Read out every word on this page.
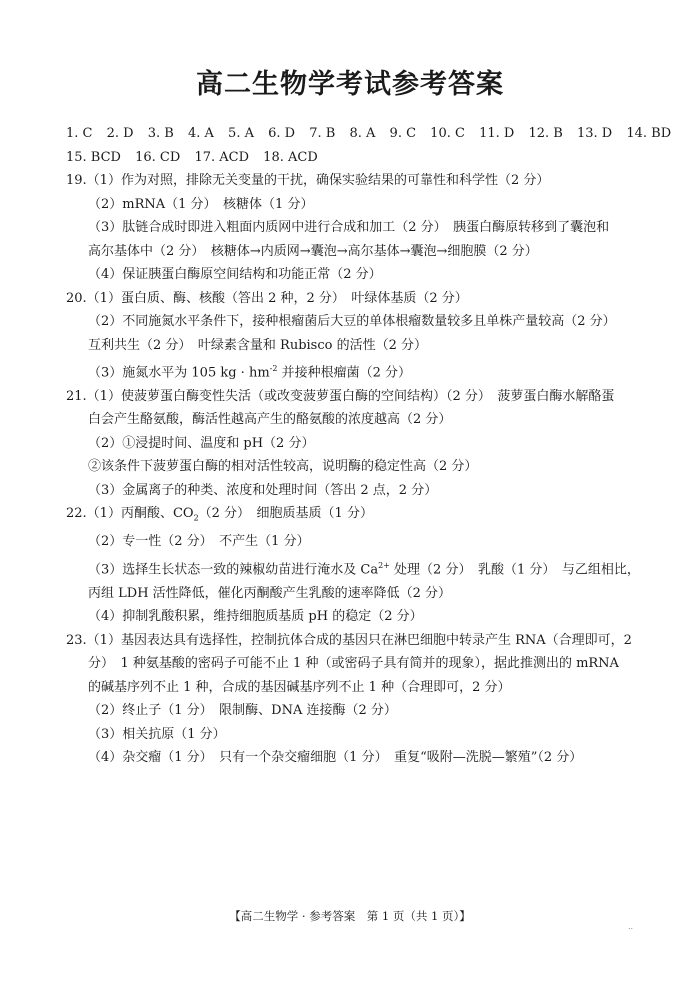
高二生物学考试参考答案
1. C 2. D 3. B 4. A 5. A 6. D 7. B 8. A 9. C 10. C 11. D 12. B 13. D 14. BD
15. BCD 16. CD 17. ACD 18. ACD
19.（1）作为对照，排除无关变量的干扰，确保实验结果的可靠性和科学性（2 分）
（2）mRNA（1 分）　核糖体（1 分）
（3）肽链合成时即进入粗面内质网中进行合成和加工（2 分）　胰蛋白酶原转移到了囊泡和
高尔基体中（2 分）　核糖体→内质网→囊泡→高尔基体→囊泡→细胞膜（2 分）
（4）保证胰蛋白酶原空间结构和功能正常（2 分）
20.（1）蛋白质、酶、核酸（答出 2 种，2 分）　叶绿体基质（2 分）
（2）不同施氮水平条件下，接种根瘤菌后大豆的单体根瘤数量较多且单株产量较高（2 分）
互利共生（2 分）　叶绿素含量和 Rubisco 的活性（2 分）
（3）施氮水平为 105 kg · $hm^{-2}$ 并接种根瘤菌（2 分）
21.（1）使菠萝蛋白酶变性失活（或改变菠萝蛋白酶的空间结构）（2 分）　菠萝蛋白酶水解酪蛋
白会产生酪氨酸，酶活性越高产生的酪氨酸的浓度越高（2 分）
（2）①浸提时间、温度和 pH（2 分）
②该条件下菠萝蛋白酶的相对活性较高，说明酶的稳定性高（2 分）
（3）金属离子的种类、浓度和处理时间（答出 2 点，2 分）
22.（1）丙酮酸、$CO_2(2$ 分）　细胞质基质（1 分）
（2）专一性（2 分）　不产生（1 分）
（3）选择生长状态一致的辣椒幼苗进行淹水及 $Ca^{2+}$ 处理（2 分）　乳酸（1 分）　与乙组相比，
丙组 LDH 活性降低，催化丙酮酸产生乳酸的速率降低（2 分）
（4）抑制乳酸积累，维持细胞质基质 pH 的稳定（2 分）
23.（1）基因表达具有选择性，控制抗体合成的基因只在淋巴细胞中转录产生 RNA（合理即可，2
分）　1 种氨基酸的密码子可能不止 1 种（或密码子具有简并的现象），据此推测出的 mRNA
的碱基序列不止 1 种，合成的基因碱基序列不止 1 种（合理即可，2 分）
（2）终止子（1 分）　限制酶、DNA 连接酶（2 分）
（3）相关抗原（1 分）
（4）杂交瘤（1 分）　只有一个杂交瘤细胞（1 分）　重复“吸附—洗脱—繁殖”（2 分）
【高二生物学 · 参考答案　第 1 页（共 1 页）】
..
